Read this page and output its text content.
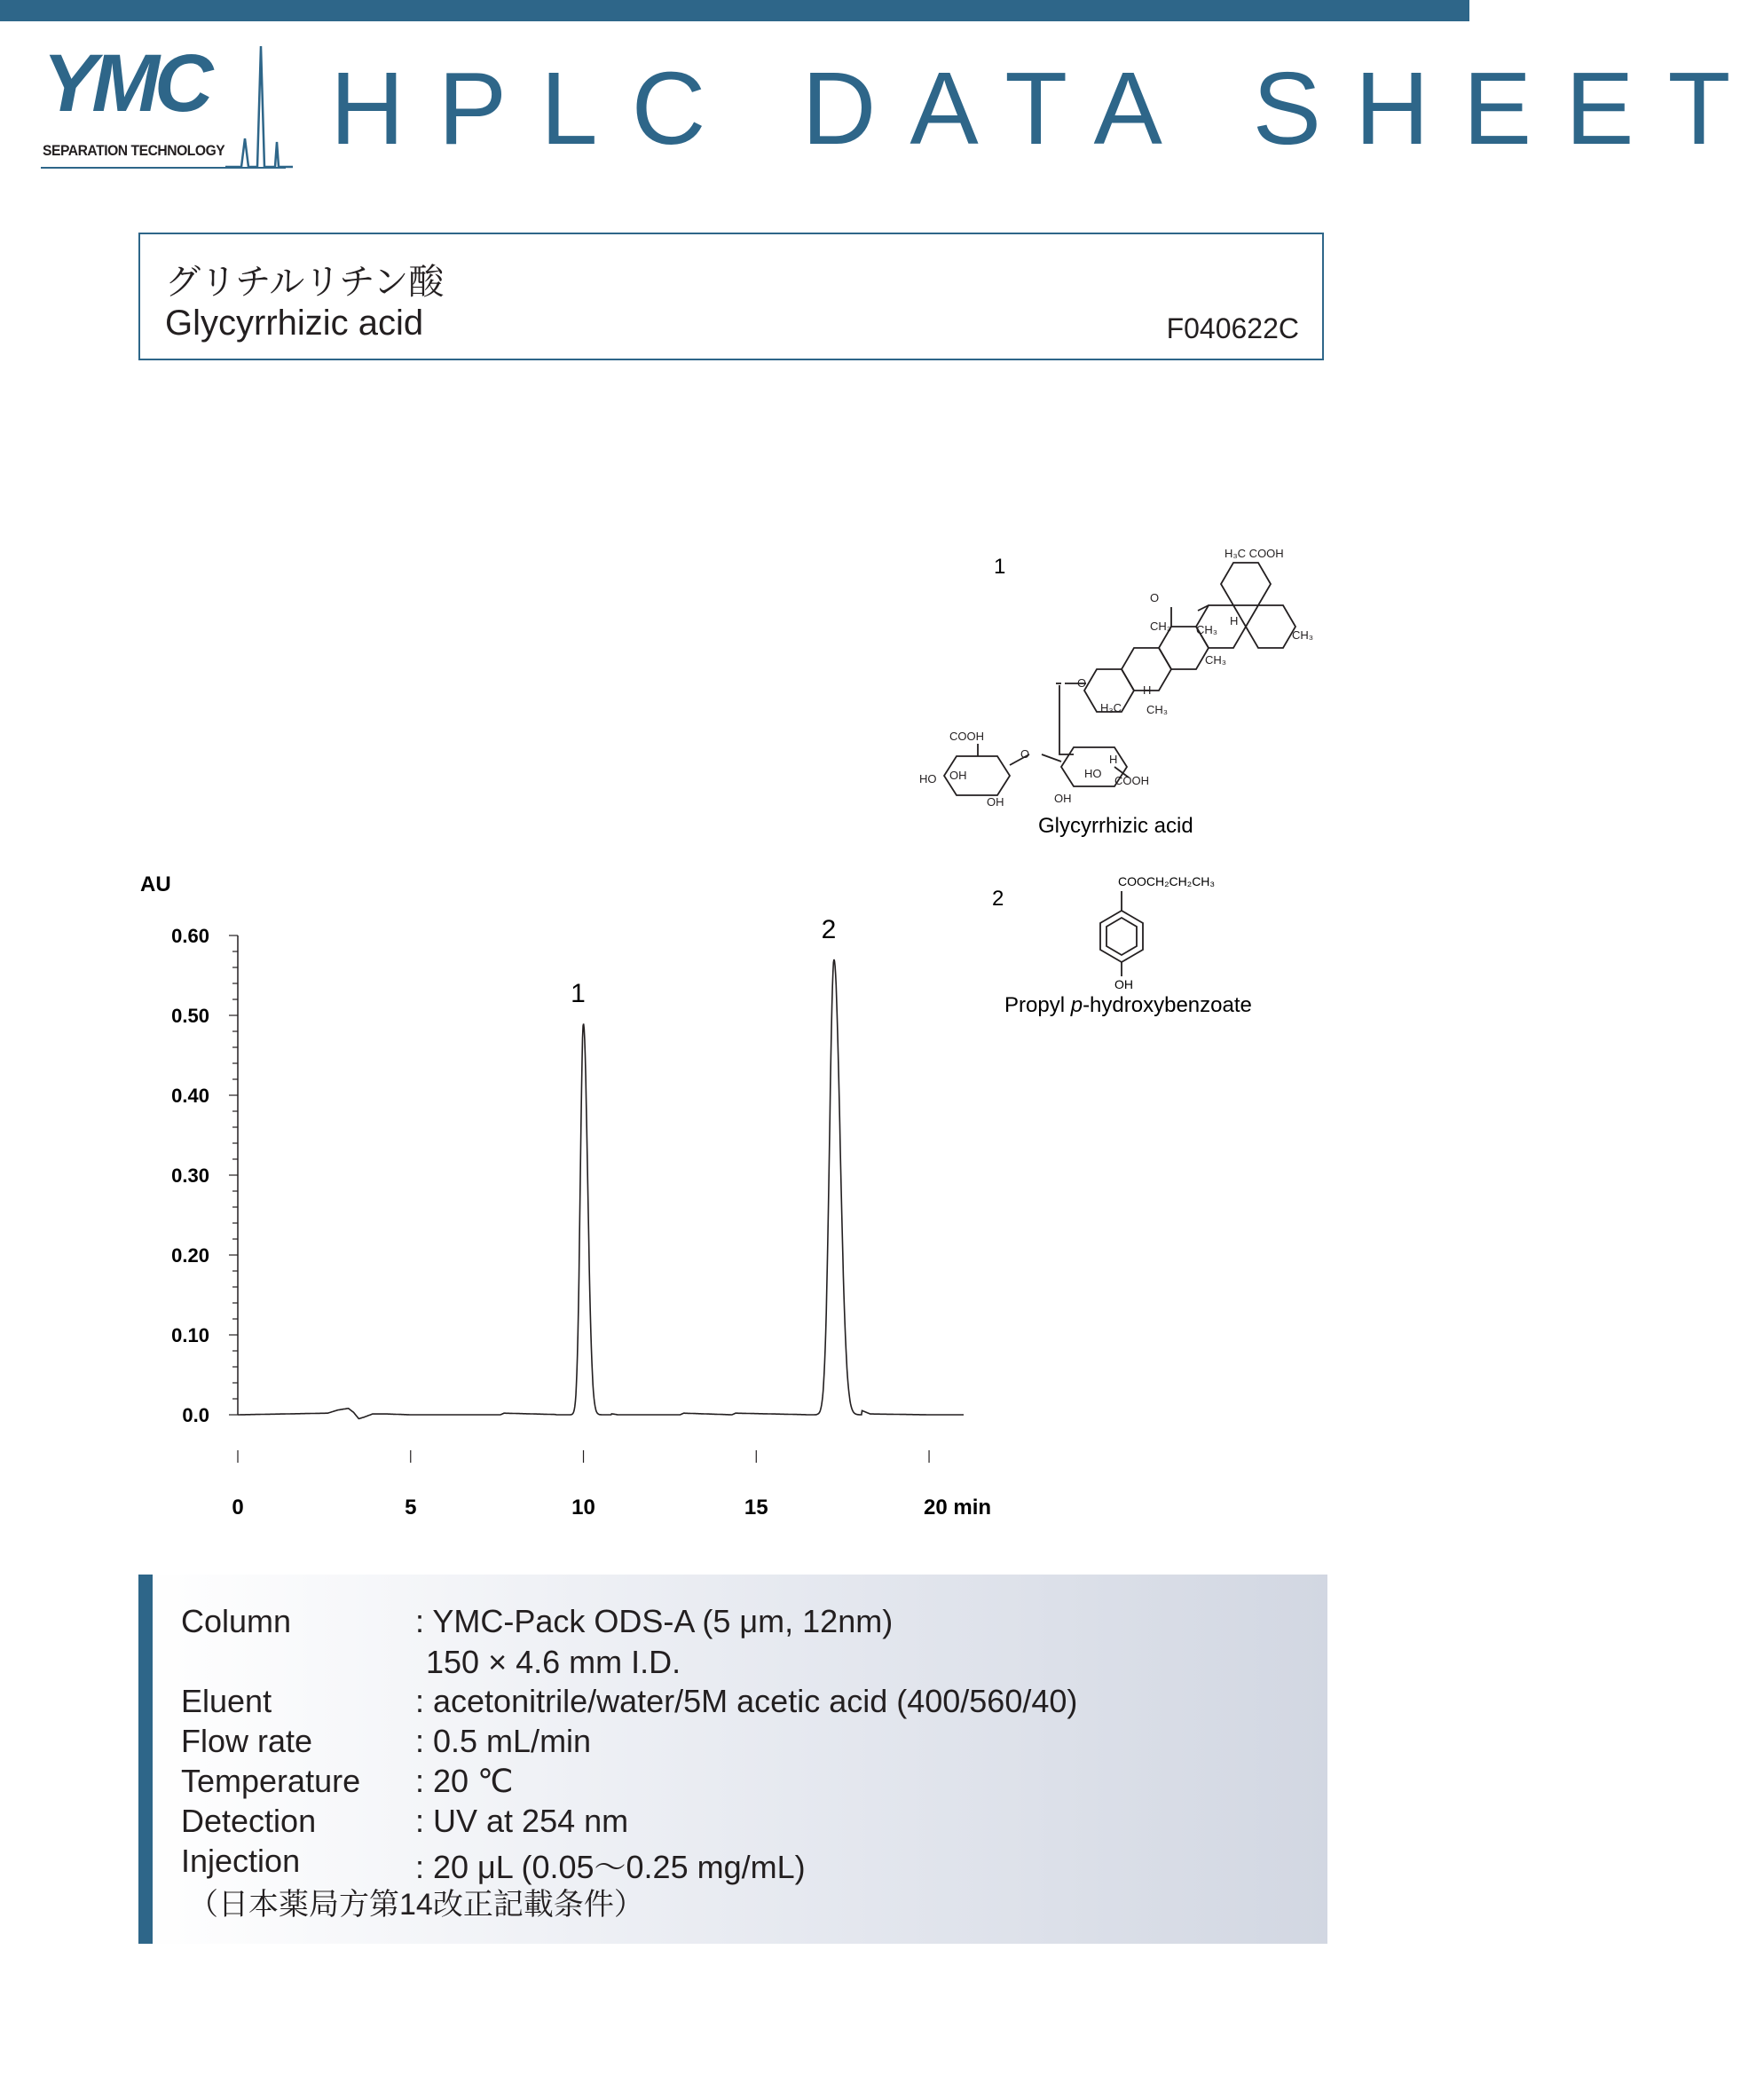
YMC
SEPARATION TECHNOLOGY HPLC DATA SHEET
グリチルリチン酸
Glycyrrhizic acid	F040622C
1
H₃C COOH
CH₃
CH₃
CH₃
CH₃
CH₃
H₃C
H
H
O
O
O
COOH
COOH
OH
OH	OH
HO	HO
H
Glycyrrhizic acid
2
COOCH₂CH₂CH₃
OH
Propyl p-hydroxybenzoate
AU
0.0
0.10
0.20
0.30
0.40
0.50
0.60
0	5	10	15	20 min
1
2
Column	: YMC-Pack ODS-A (5 μm, 12nm)
150 × 4.6 mm I.D.
Eluent	: acetonitrile/water/5M acetic acid (400/560/40)
Flow rate	: 0.5 mL/min
Temperature : 20 ℃
Detection	: UV at 254 nm
Injection	: 20 μL (0.05～0.25 mg/mL)
（日本薬局方第14改正記載条件）
